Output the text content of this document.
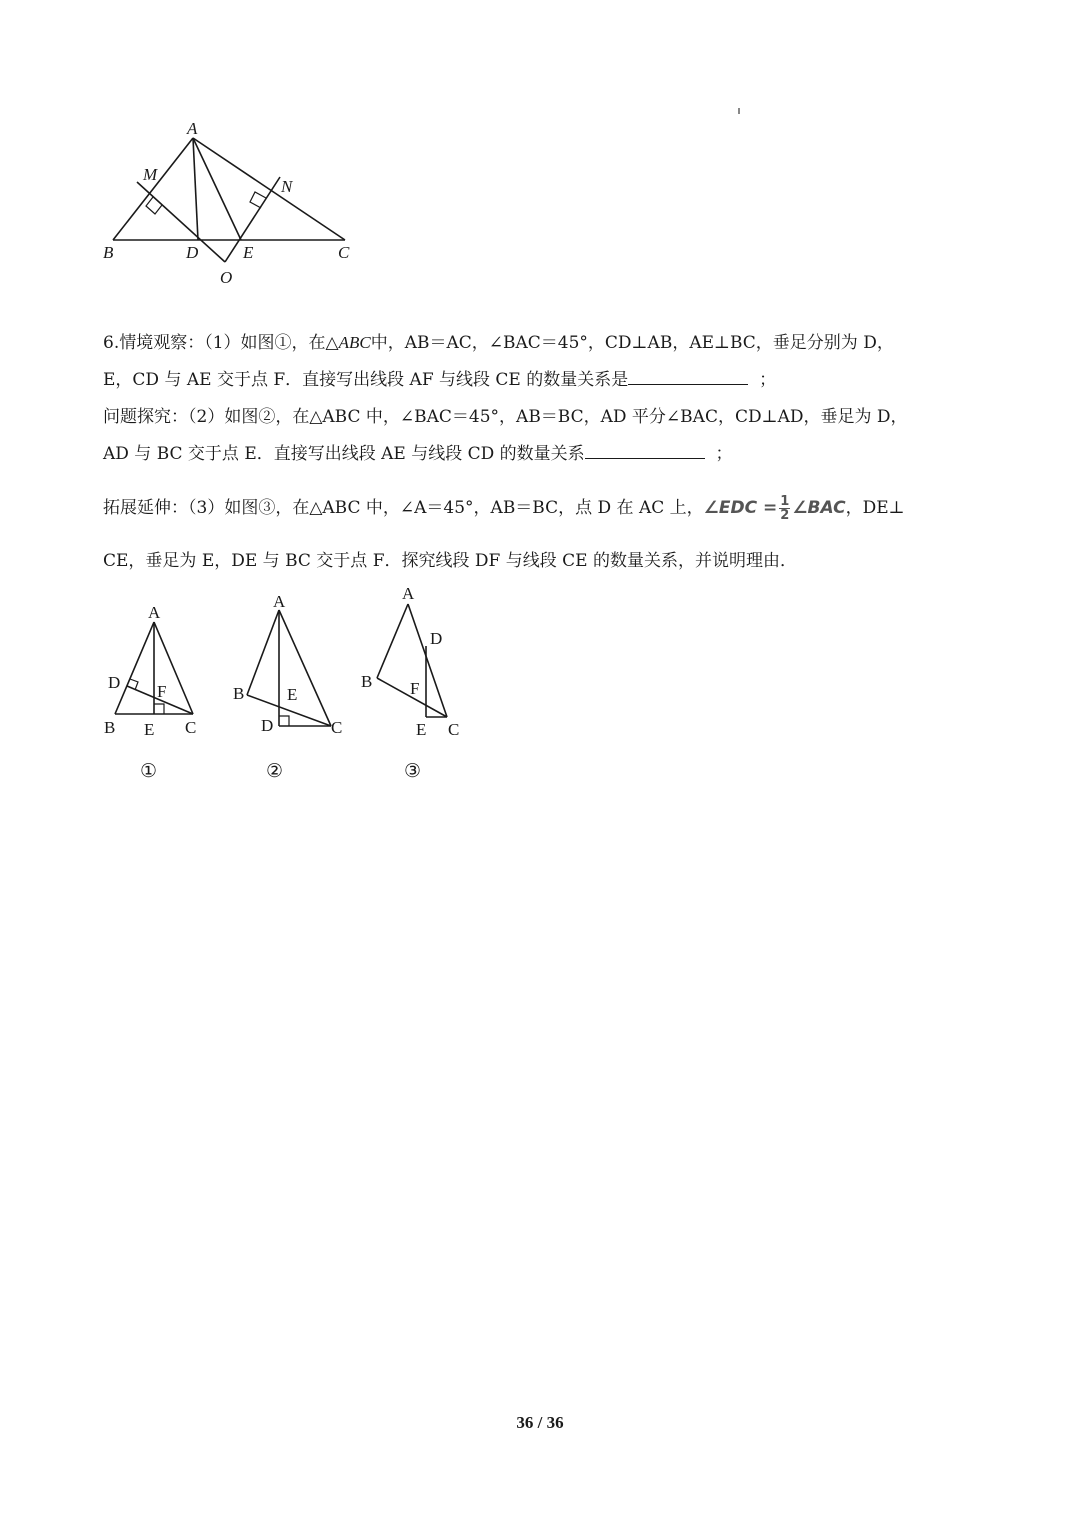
A
M
N
B	D	E	C
O
6.情境观察：（1）如图①，在△ABC中，AB＝AC，∠BAC＝45°，CD⊥AB，AE⊥BC，垂足分别为 D，
E，CD 与 AE 交于点 F．直接写出线段 AF 与线段 CE 的数量关系是	；
问题探究：（2）如图②，在△ABC 中，∠BAC＝45°，AB＝BC，AD 平分∠BAC，CD⊥AD，垂足为 D，
AD 与 BC 交于点 E．直接写出线段 AE 与线段 CD 的数量关系	；
拓展延伸：（3）如图③，在△ABC 中，∠A＝45°，AB＝BC，点 D 在 AC 上，∠EDC = $\frac{1}{2}$ ∠BAC，DE⊥
CE，垂足为 E，DE 与 BC 交于点 F．探究线段 DF 与线段 CE 的数量关系，并说明理由．
A
D F
B E C
A
B	E
D	C
A
D
B F
E C
①	②	③
36 / 36
